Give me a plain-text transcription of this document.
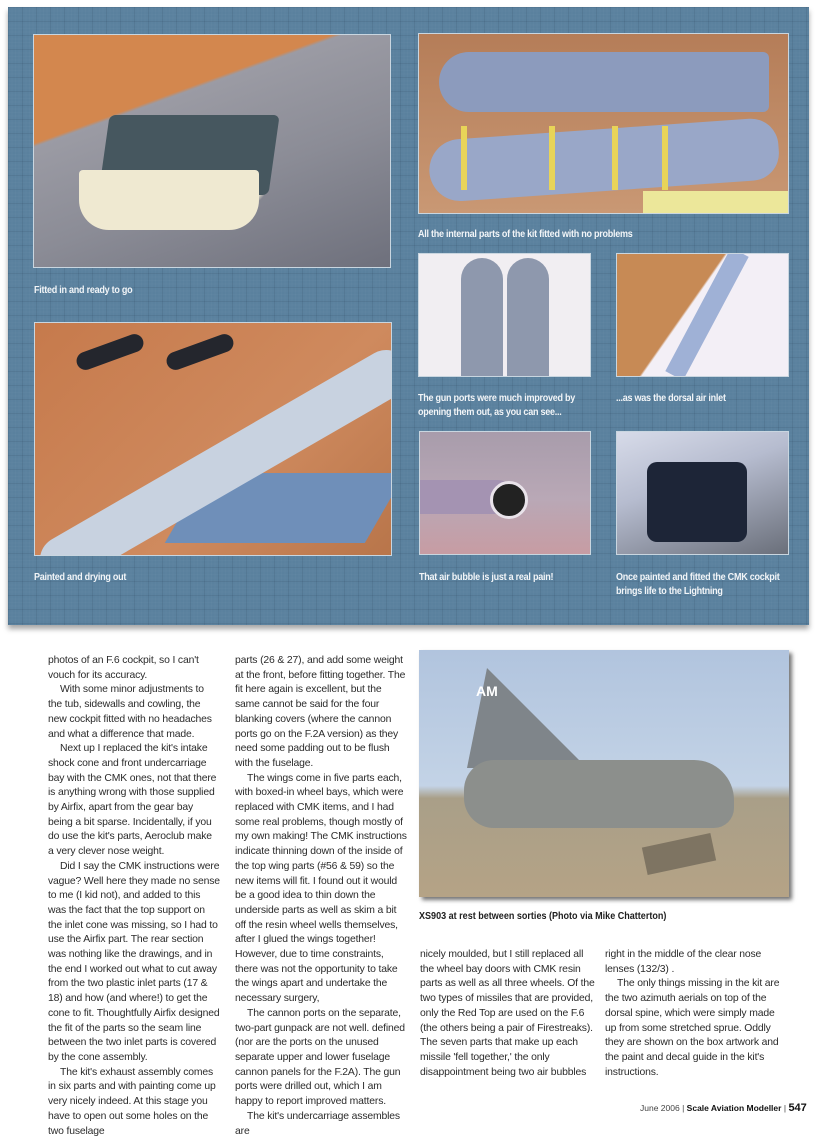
Fitted in and ready to go
All the internal parts of the kit fitted with no problems
The gun ports were much improved by
opening them out, as you can see...
...as was the dorsal air inlet
Painted and drying out	That air bubble is just a real pain!	Once painted and fitted the CMK cockpit
brings life to the Lightning
AM
XS903 at rest between sorties (Photo via Mike Chatterton)

photos of an F.6 cockpit, so I can't vouch for its accuracy.

With some minor adjustments to the tub, sidewalls and cowling, the new cockpit fitted with no headaches and what a difference that made.

Next up I replaced the kit's intake shock cone and front undercarriage bay with the CMK ones, not that there is anything wrong with those supplied by Airfix, apart from the gear bay being a bit sparse. Incidentally, if you do use the kit's parts, Aeroclub make a very clever nose weight.

Did I say the CMK instructions were vague? Well here they made no sense to me (I kid not), and added to this was the fact that the top support on the inlet cone was missing, so I had to use the Airfix part. The rear section was nothing like the drawings, and in the end I worked out what to cut away from the two plastic inlet parts (17 & 18) and how (and where!) to get the cone to fit. Thoughtfully Airfix designed the fit of the parts so the seam line between the two inlet parts is covered by the cone assembly.

The kit's exhaust assembly comes in six parts and with painting come up very nicely indeed. At this stage you have to open out some holes on the two fuselage

parts (26 & 27), and add some weight at the front, before fitting together. The fit here again is excellent, but the same cannot be said for the four blanking covers (where the cannon ports go on the F.2A version) as they need some padding out to be flush with the fuselage.

The wings come in five parts each, with boxed-in wheel bays, which were replaced with CMK items, and I had some real problems, though mostly of my own making! The CMK instructions indicate thinning down of the inside of the top wing parts (#56 & 59) so the new items will fit. I found out it would be a good idea to thin down the underside parts as well as skim a bit off the resin wheel wells themselves, after I glued the wings together! However, due to time constraints, there was not the opportunity to take the wings apart and undertake the necessary surgery,

The cannon ports on the separate, two-part gunpack are not well. defined (nor are the ports on the unused separate upper and lower fuselage cannon panels for the F.2A). The gun ports were drilled out, which I am happy to report improved matters.

The kit's undercarriage assembles are

nicely moulded, but I still replaced all the wheel bay doors with CMK resin parts as well as all three wheels. Of the two types of missiles that are provided, only the Red Top are used on the F.6 (the others being a pair of Firestreaks). The seven parts that make up each missile 'fell together,' the only disappointment being two air bubbles

right in the middle of the clear nose lenses (132/3) .

The only things missing in the kit are the two azimuth aerials on top of the dorsal spine, which were simply made up from some stretched sprue. Oddly they are shown on the box artwork and the paint and decal guide in the kit's instructions.

June 2006 | Scale Aviation Modeller | 547
